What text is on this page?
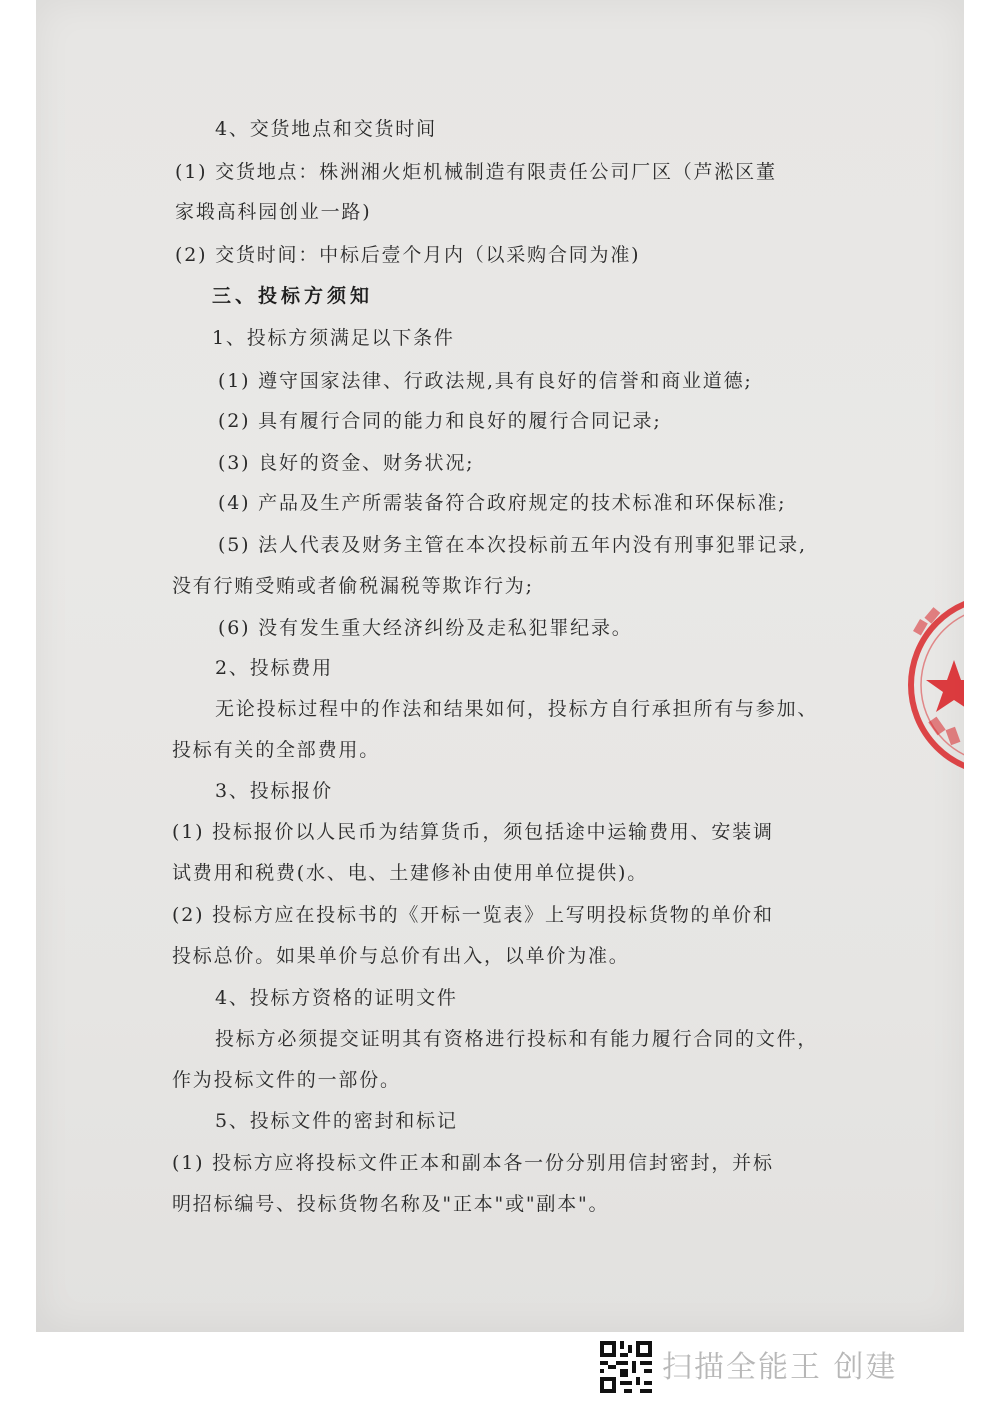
4、交货地点和交货时间

(1) 交货地点：株洲湘火炬机械制造有限责任公司厂区（芦淞区董

家塅高科园创业一路)

(2) 交货时间：中标后壹个月内（以采购合同为准)

三、投标方须知

1、投标方须满足以下条件

(1) 遵守国家法律、行政法规,具有良好的信誉和商业道德;

(2) 具有履行合同的能力和良好的履行合同记录;

(3) 良好的资金、财务状况;

(4) 产品及生产所需装备符合政府规定的技术标准和环保标准;

(5) 法人代表及财务主管在本次投标前五年内没有刑事犯罪记录,

没有行贿受贿或者偷税漏税等欺诈行为;

(6) 没有发生重大经济纠纷及走私犯罪纪录。

2、投标费用

无论投标过程中的作法和结果如何，投标方自行承担所有与参加、

投标有关的全部费用。

3、投标报价

(1) 投标报价以人民币为结算货币，须包括途中运输费用、安装调

试费用和税费(水、电、土建修补由使用单位提供)。

(2) 投标方应在投标书的《开标一览表》上写明投标货物的单价和

投标总价。如果单价与总价有出入，以单价为准。

4、投标方资格的证明文件

投标方必须提交证明其有资格进行投标和有能力履行合同的文件，

作为投标文件的一部份。

5、投标文件的密封和标记

(1) 投标方应将投标文件正本和副本各一份分别用信封密封，并标

明招标编号、投标货物名称及"正本"或"副本"。

扫描全能王 创建
